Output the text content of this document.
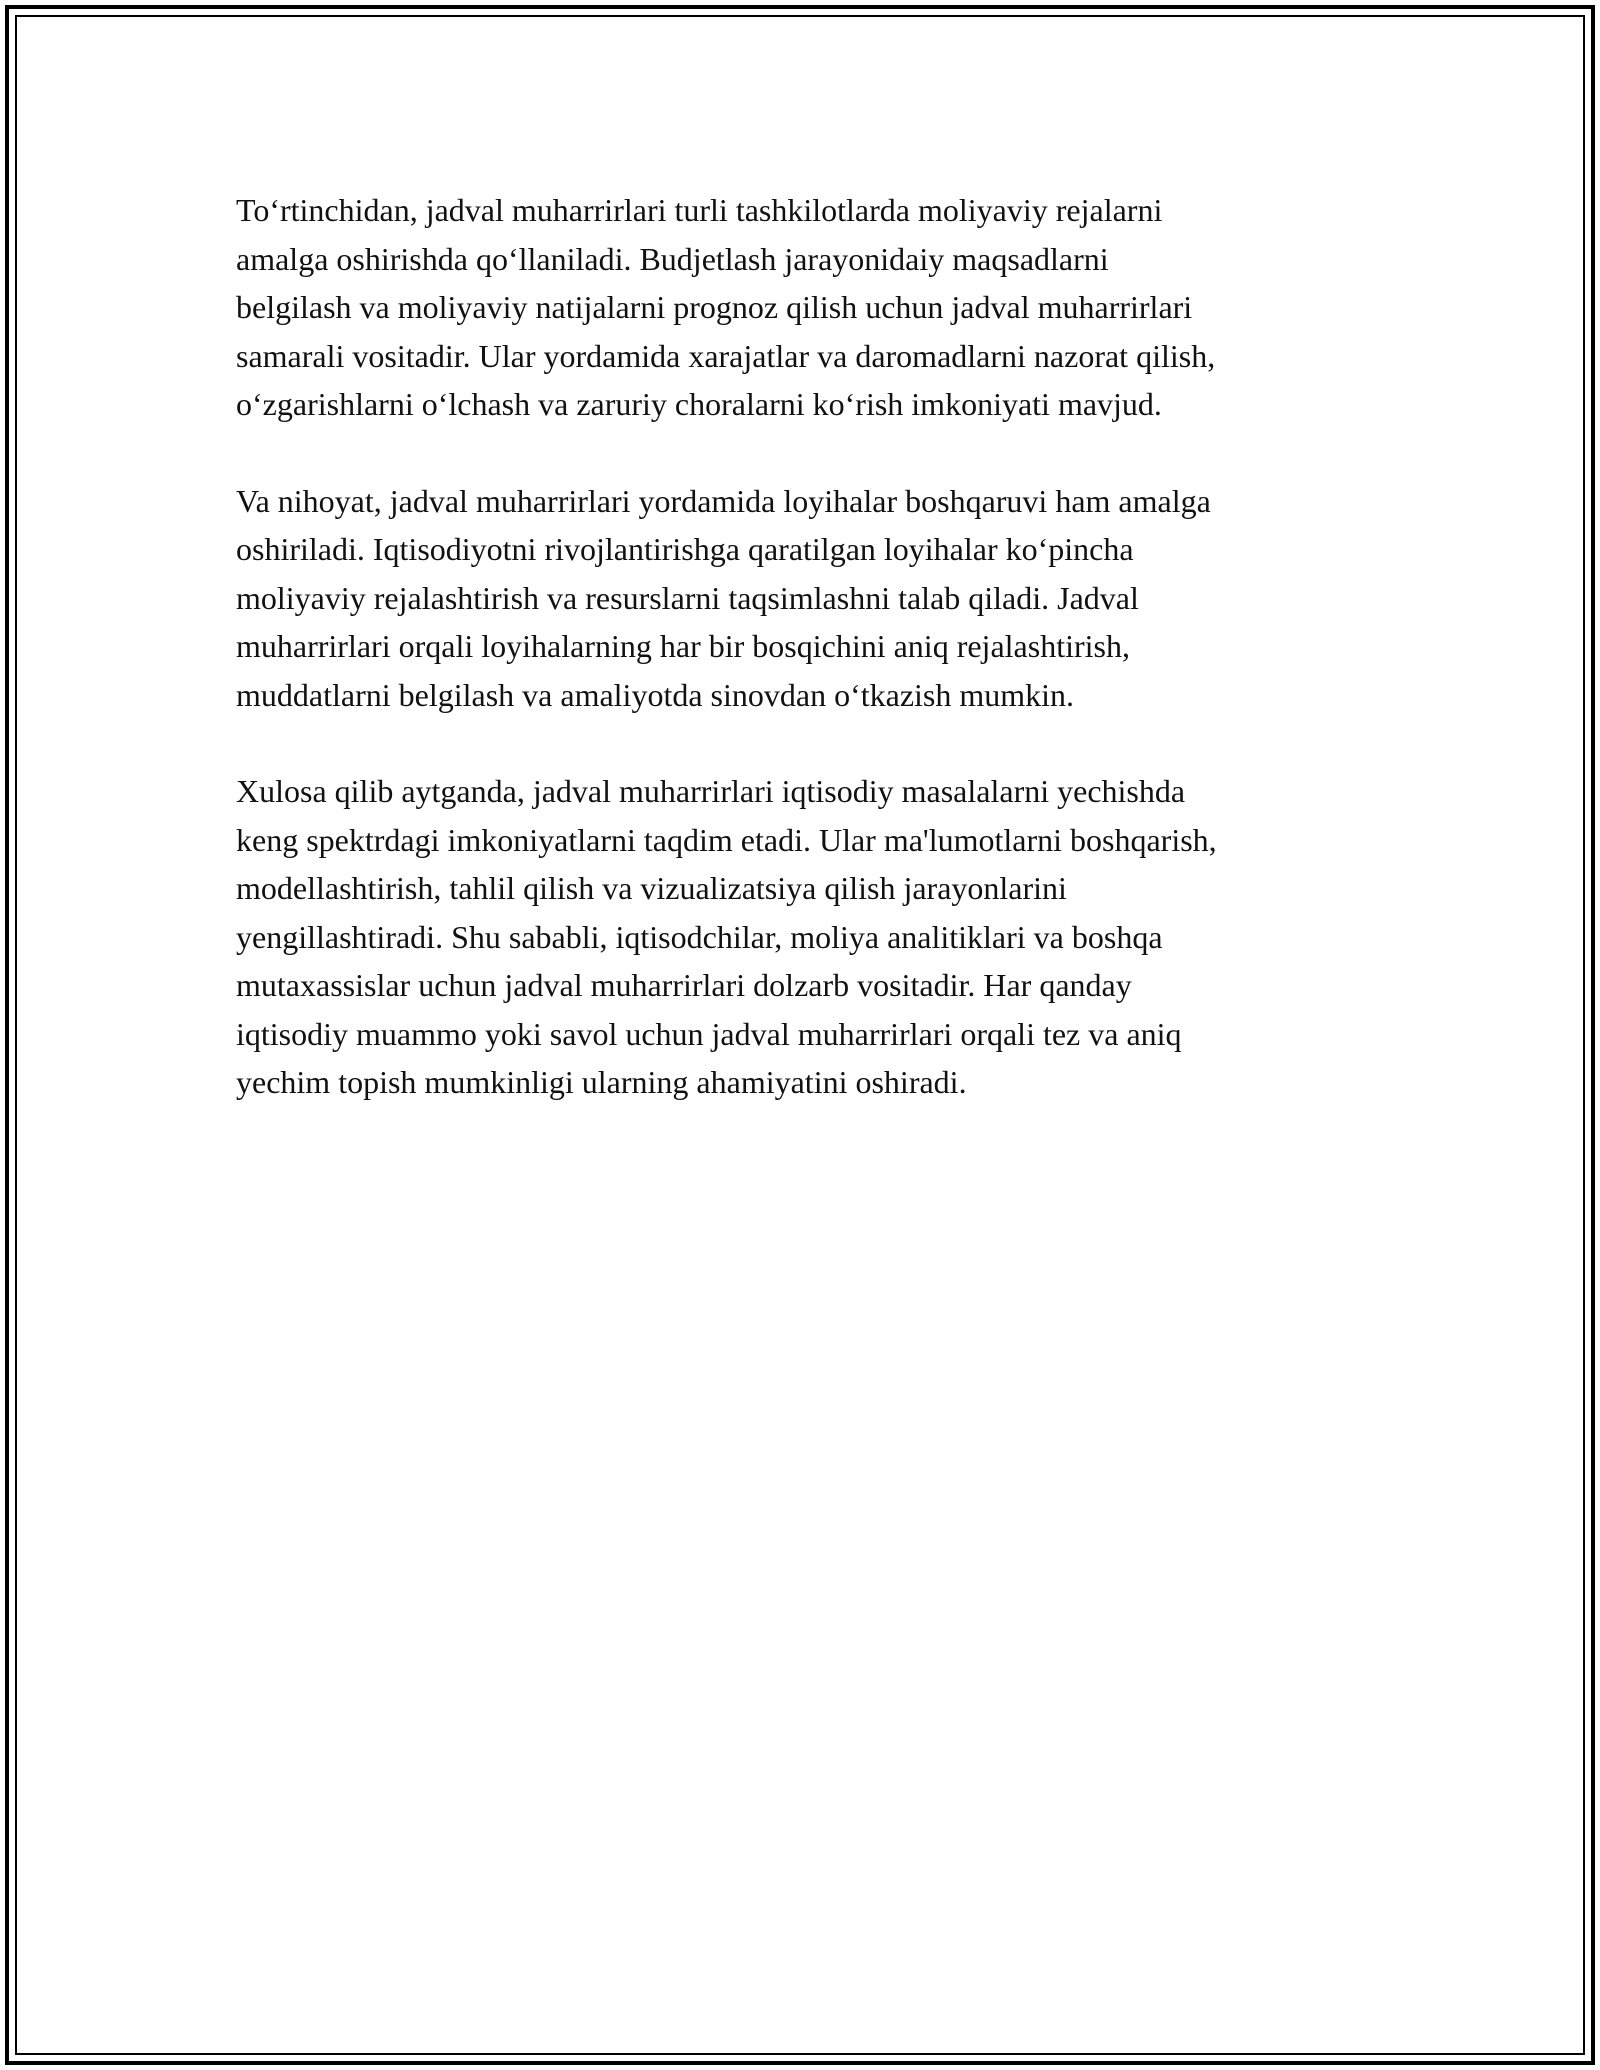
To‘rtinchidan, jadval muharrirlari turli tashkilotlarda moliyaviy rejalarni
amalga oshirishda qo‘llaniladi. Budjetlash jarayonidaiy maqsadlarni
belgilash va moliyaviy natijalarni prognoz qilish uchun jadval muharrirlari
samarali vositadir. Ular yordamida xarajatlar va daromadlarni nazorat qilish,
o‘zgarishlarni o‘lchash va zaruriy choralarni ko‘rish imkoniyati mavjud.

Va nihoyat, jadval muharrirlari yordamida loyihalar boshqaruvi ham amalga
oshiriladi. Iqtisodiyotni rivojlantirishga qaratilgan loyihalar ko‘pincha
moliyaviy rejalashtirish va resurslarni taqsimlashni talab qiladi. Jadval
muharrirlari orqali loyihalarning har bir bosqichini aniq rejalashtirish,
muddatlarni belgilash va amaliyotda sinovdan o‘tkazish mumkin.

Xulosa qilib aytganda, jadval muharrirlari iqtisodiy masalalarni yechishda
keng spektrdagi imkoniyatlarni taqdim etadi. Ular ma'lumotlarni boshqarish,
modellashtirish, tahlil qilish va vizualizatsiya qilish jarayonlarini
yengillashtiradi. Shu sababli, iqtisodchilar, moliya analitiklari va boshqa
mutaxassislar uchun jadval muharrirlari dolzarb vositadir. Har qanday
iqtisodiy muammo yoki savol uchun jadval muharrirlari orqali tez va aniq
yechim topish mumkinligi ularning ahamiyatini oshiradi.
